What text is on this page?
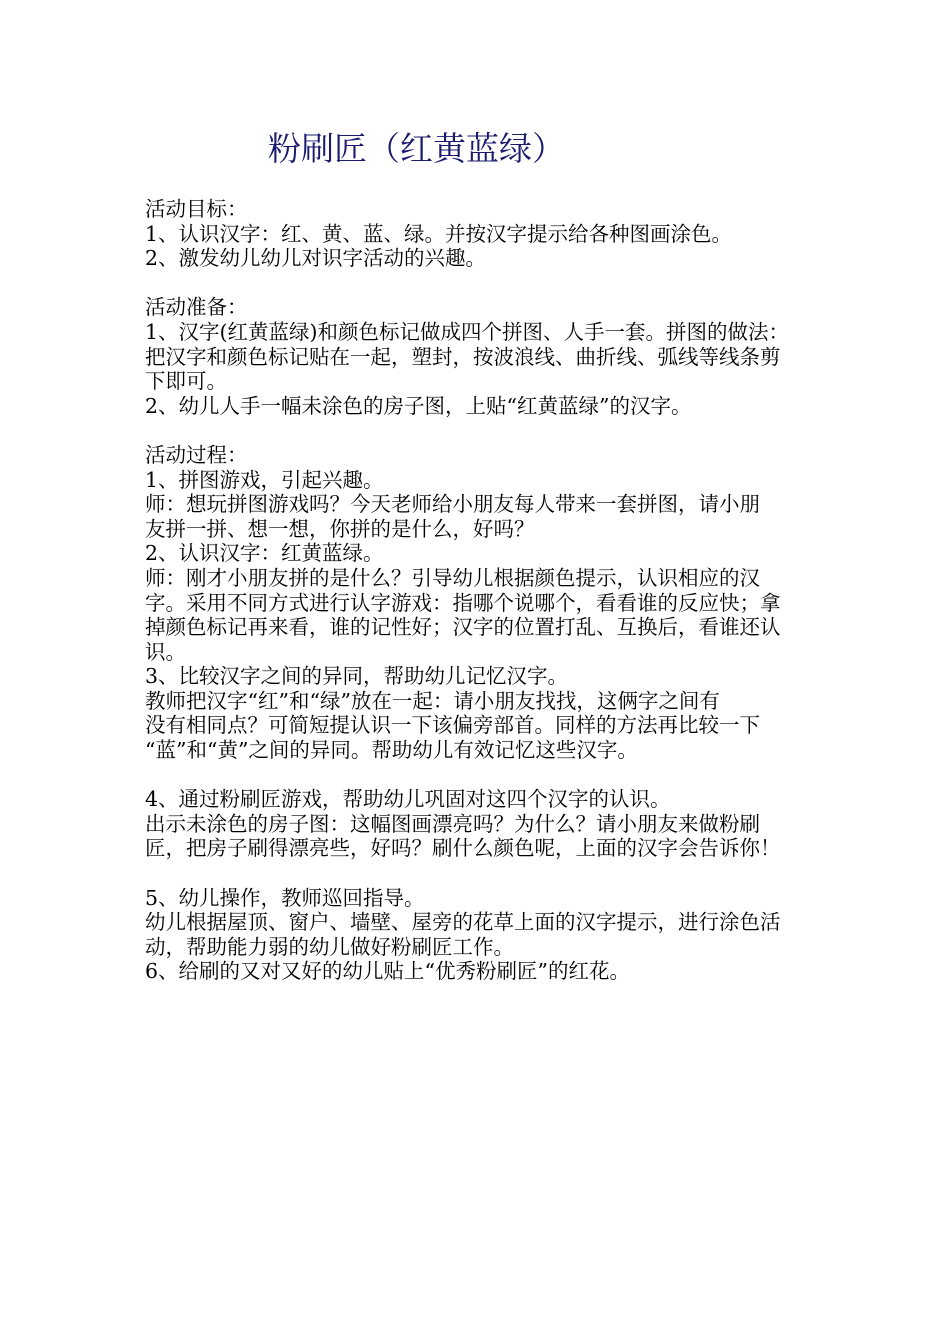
粉刷匠（红黄蓝绿）
活动目标：
1、认识汉字：红、黄、蓝、绿。并按汉字提示给各种图画涂色。
2、激发幼儿幼儿对识字活动的兴趣。
活动准备：
1、汉字(红黄蓝绿)和颜色标记做成四个拼图、人手一套。拼图的做法：
把汉字和颜色标记贴在一起，塑封，按波浪线、曲折线、弧线等线条剪
下即可。
2、幼儿人手一幅未涂色的房子图，上贴“红黄蓝绿”的汉字。
活动过程：
1、拼图游戏，引起兴趣。
师：想玩拼图游戏吗？今天老师给小朋友每人带来一套拼图，请小朋
友拼一拼、想一想，你拼的是什么，好吗？
2、认识汉字：红黄蓝绿。
师：刚才小朋友拼的是什么？引导幼儿根据颜色提示，认识相应的汉
字。采用不同方式进行认字游戏：指哪个说哪个，看看谁的反应快；拿
掉颜色标记再来看，谁的记性好；汉字的位置打乱、互换后，看谁还认
识。
3、比较汉字之间的异同，帮助幼儿记忆汉字。
教师把汉字“红”和“绿”放在一起：请小朋友找找，这俩字之间有
没有相同点？可简短提认识一下该偏旁部首。同样的方法再比较一下
“蓝”和“黄”之间的异同。帮助幼儿有效记忆这些汉字。
4、通过粉刷匠游戏，帮助幼儿巩固对这四个汉字的认识。
出示未涂色的房子图：这幅图画漂亮吗？为什么？请小朋友来做粉刷
匠，把房子刷得漂亮些，好吗？刷什么颜色呢，上面的汉字会告诉你！
5、幼儿操作，教师巡回指导。
幼儿根据屋顶、窗户、墙壁、屋旁的花草上面的汉字提示，进行涂色活
动，帮助能力弱的幼儿做好粉刷匠工作。
6、给刷的又对又好的幼儿贴上“优秀粉刷匠”的红花。
